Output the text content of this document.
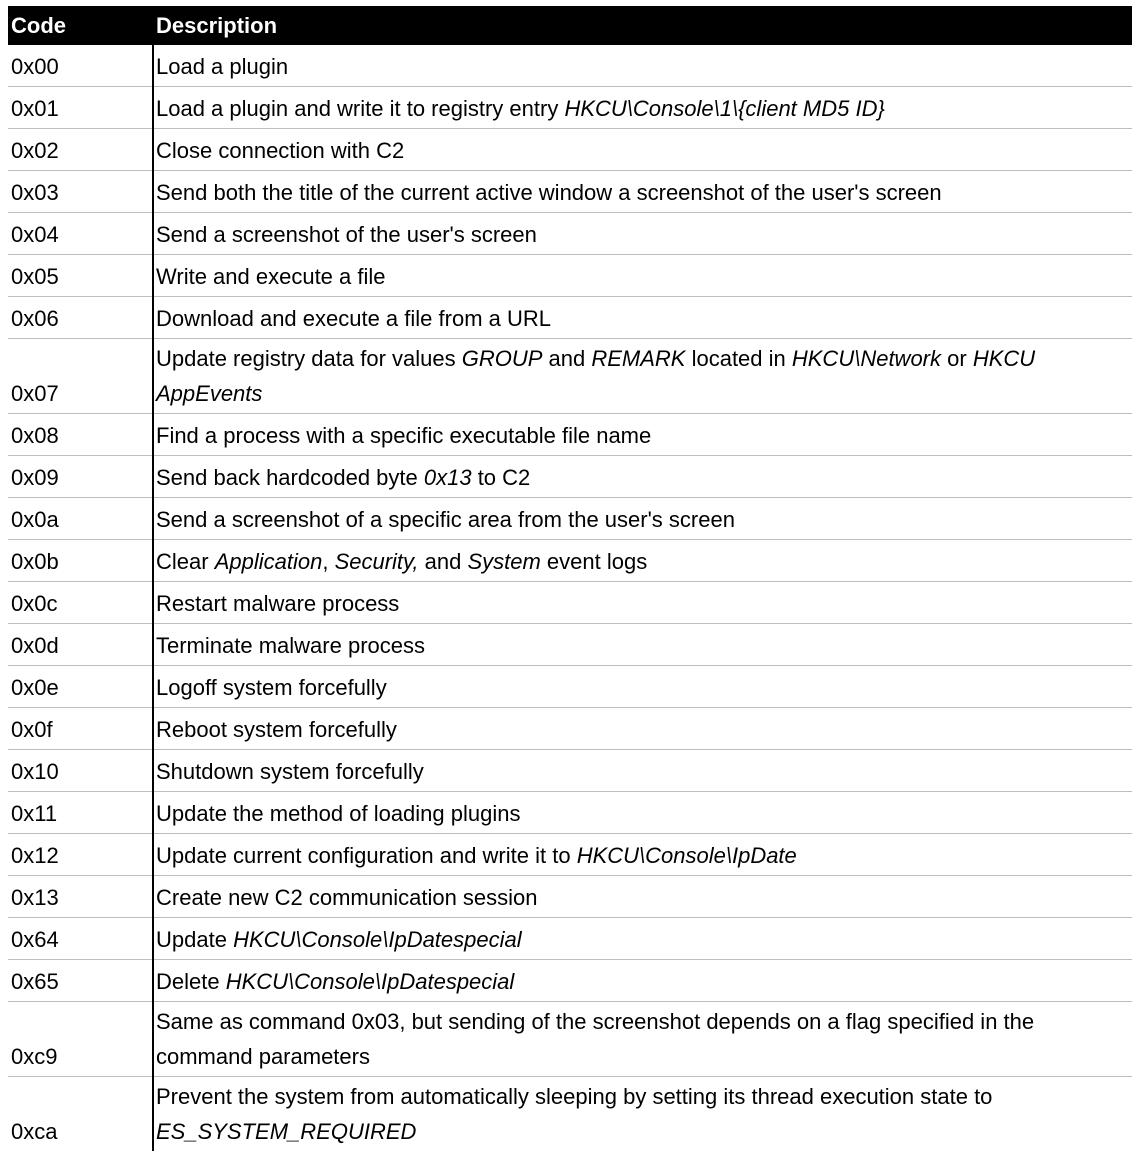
Code	Description
0x00	Load a plugin
0x01	Load a plugin and write it to registry entry HKCU\Console\1\{client MD5 ID}
0x02	Close connection with C2
0x03	Send both the title of the current active window a screenshot of the user's screen
0x04	Send a screenshot of the user's screen
0x05	Write and execute a file
0x06	Download and execute a file from a URL
0x07	Update registry data for values GROUP and REMARK located in HKCU\Network or HKCU AppEvents
0x08	Find a process with a specific executable file name
0x09	Send back hardcoded byte 0x13 to C2
0x0a	Send a screenshot of a specific area from the user's screen
0x0b	Clear Application, Security, and System event logs
0x0c	Restart malware process
0x0d	Terminate malware process
0x0e	Logoff system forcefully
0x0f	Reboot system forcefully
0x10	Shutdown system forcefully
0x11	Update the method of loading plugins
0x12	Update current configuration and write it to HKCU\Console\IpDate
0x13	Create new C2 communication session
0x64	Update HKCU\Console\IpDatespecial
0x65	Delete HKCU\Console\IpDatespecial
0xc9	Same as command 0x03, but sending of the screenshot depends on a flag specified in the command parameters
0xca	Prevent the system from automatically sleeping by setting its thread execution state to ES_SYSTEM_REQUIRED
